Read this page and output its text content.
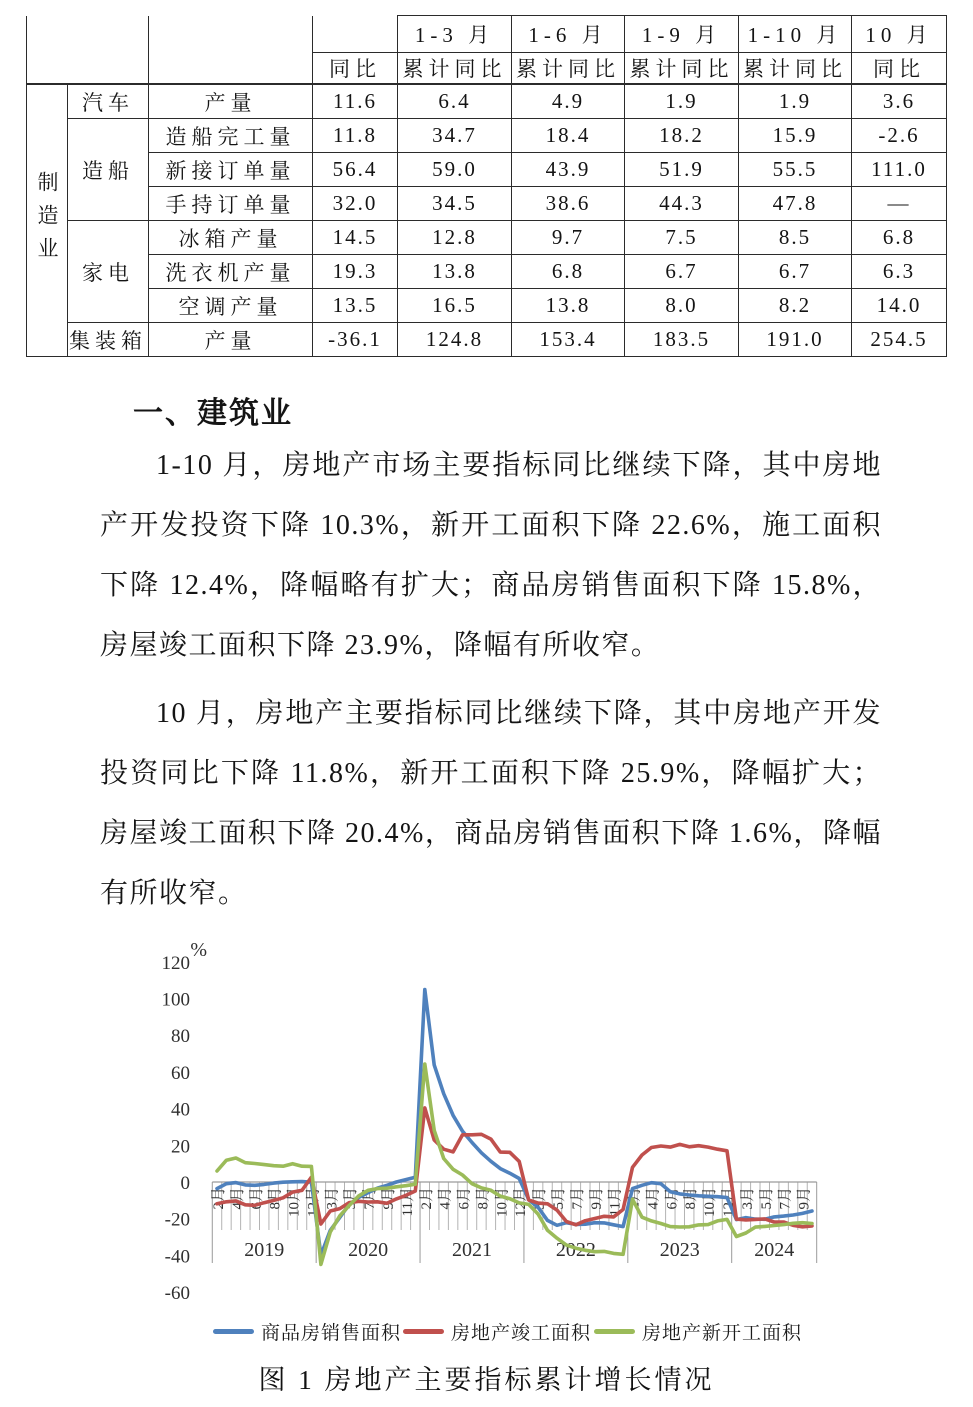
				1-3 月	1-6 月	1-9 月	1-10 月	10 月
			同比	累计同比	累计同比	累计同比	累计同比	同比
制造业	汽车	产量	11.6	6.4	4.9	1.9	1.9	3.6
	造船	造船完工量	11.8	34.7	18.4	18.2	15.9	-2.6
		新接订单量	56.4	59.0	43.9	51.9	55.5	111.0
		手持订单量	32.0	34.5	38.6	44.3	47.8	—
	家电	冰箱产量	14.5	12.8	9.7	7.5	8.5	6.8
		洗衣机产量	19.3	13.8	6.8	6.7	6.7	6.3
		空调产量	13.5	16.5	13.8	8.0	8.2	14.0
	集装箱	产量	-36.1	124.8	153.4	183.5	191.0	254.5
一、建筑业
1-10 月，房地产市场主要指标同比继续下降，其中房地产开发投资下降 10.3%，新开工面积下降 22.6%，施工面积下降 12.4%，降幅略有扩大；商品房销售面积下降 15.8%，房屋竣工面积下降 23.9%，降幅有所收窄。
10 月，房地产主要指标同比继续下降，其中房地产开发投资同比下降 11.8%，新开工面积下降 25.9%，降幅扩大；房屋竣工面积下降 20.4%，商品房销售面积下降 1.6%，降幅有所收窄。
%
120
100
80
60
40
20
0
-20
-40
-60
2月 4月 6月 8月 10月 12月 3月 5月 7月 9月 11月 2月 4月 6月 8月 10月 12月 3月 5月 7月 9月 11月 2月 4月 6月 8月 10月 12月 3月 5月 7月 9月
2019	2020	2021	2022	2023	2024
商品房销售面积	房地产竣工面积	房地产新开工面积
图 1 房地产主要指标累计增长情况
